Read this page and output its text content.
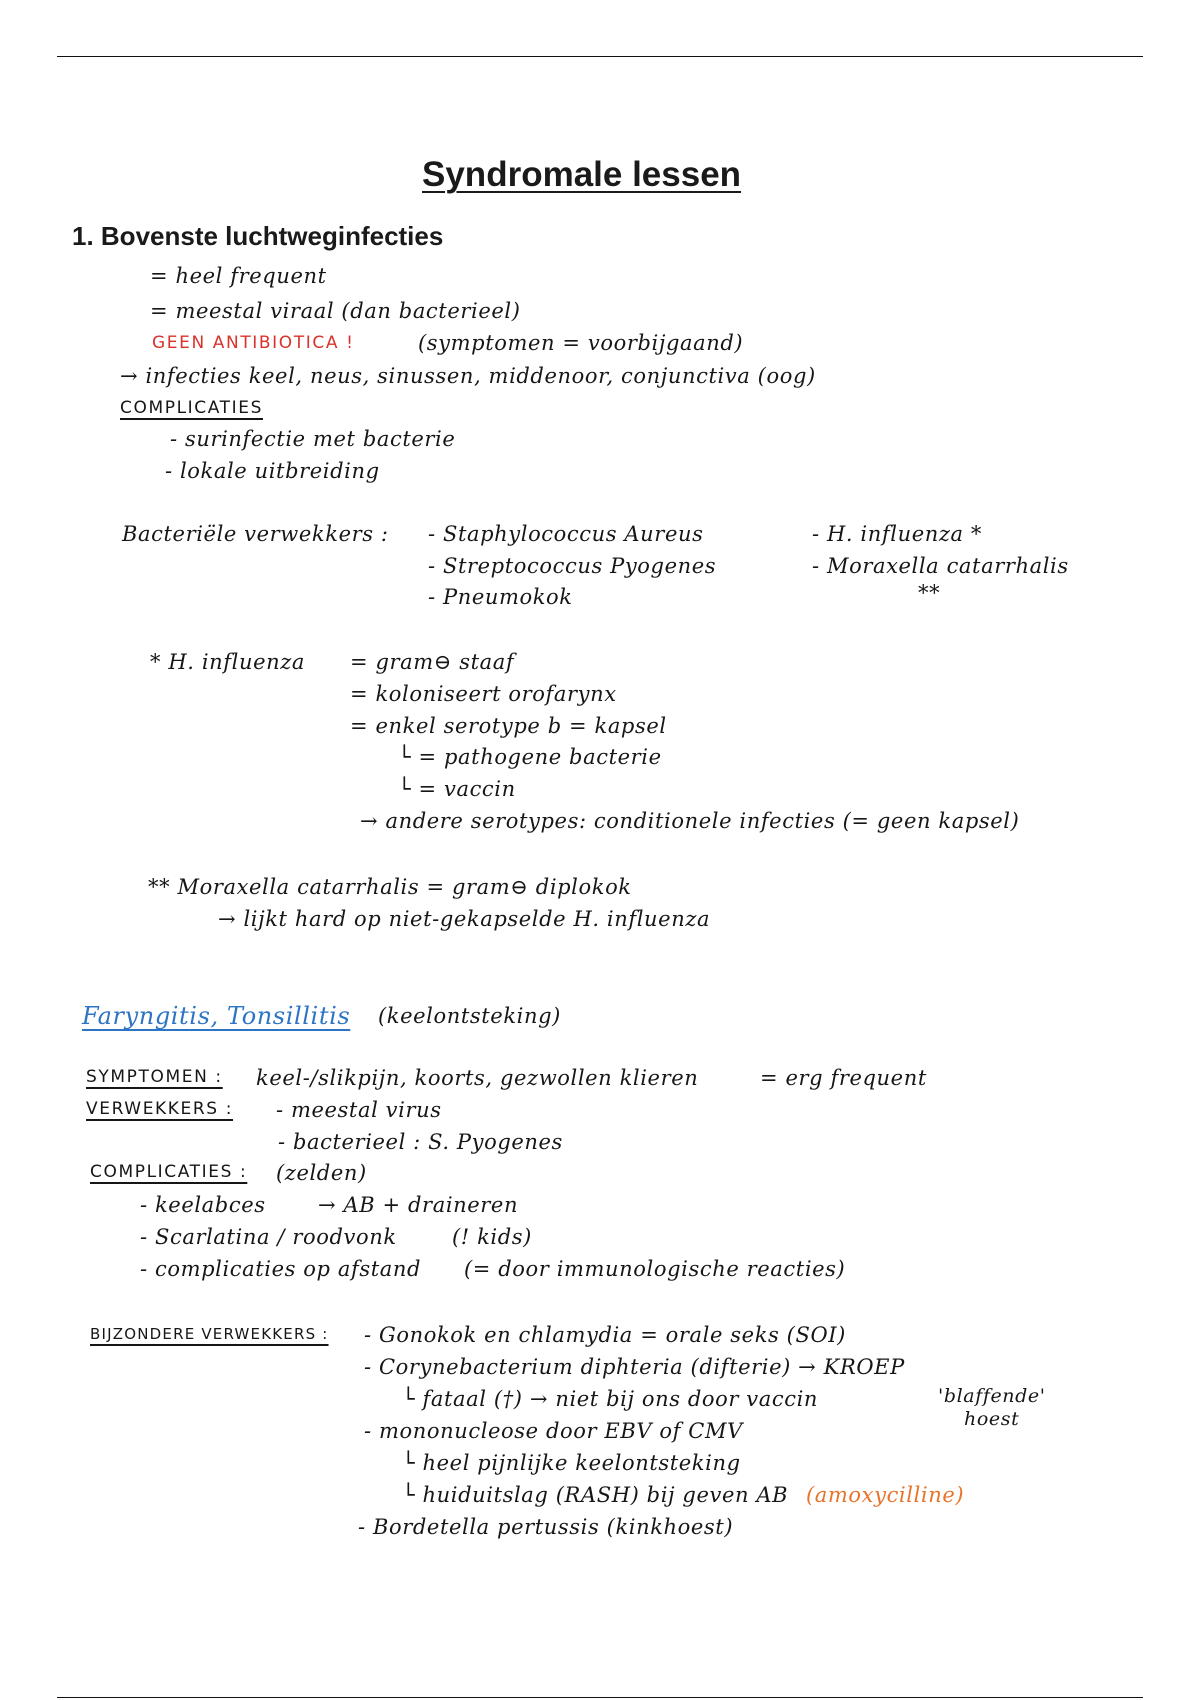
Syndromale lessen
1. Bovenste luchtweginfecties
= heel frequent
= meestal viraal (dan bacterieel)
GEEN ANTIBIOTICA !	(symptomen = voorbijgaand)
→ infecties keel, neus, sinussen, middenoor, conjunctiva (oog)
COMPLICATIES
- surinfectie met bacterie
- lokale uitbreiding
Bacteriële verwekkers : - Staphylococcus Aureus
- Streptococcus Pyogenes
- Pneumokok
- H. influenza *
- Moraxella catarrhalis
**
* H. influenza = gram⊖ staaf
= koloniseert orofarynx
= enkel serotype b = kapsel
└ = pathogene bacterie
└ = vaccin
→ andere serotypes: conditionele infecties (= geen kapsel)
** Moraxella catarrhalis = gram⊖ diplokok
→ lijkt hard op niet-gekapselde H. influenza
Faryngitis, Tonsillitis (keelontsteking)
SYMPTOMEN : keel-/slikpijn, koorts, gezwollen klieren	= erg frequent
VERWEKKERS : - meestal virus
- bacterieel : S. Pyogenes
COMPLICATIES : (zelden)
- keelabces → AB + draineren
- Scarlatina / roodvonk	(! kids)
- complicaties op afstand (= door immunologische reacties)
BIJZONDERE VERWEKKERS : - Gonokok en chlamydia = orale seks (SOI)
- Corynebacterium diphteria (difterie) → KROEP
└ fataal (†) → niet bij ons door vaccin
- mononucleose door EBV of CMV
└ heel pijnlijke keelontsteking
└ huiduitslag (RASH) bij geven AB (amoxycilline)
- Bordetella pertussis (kinkhoest)
'blaffende'
hoest
